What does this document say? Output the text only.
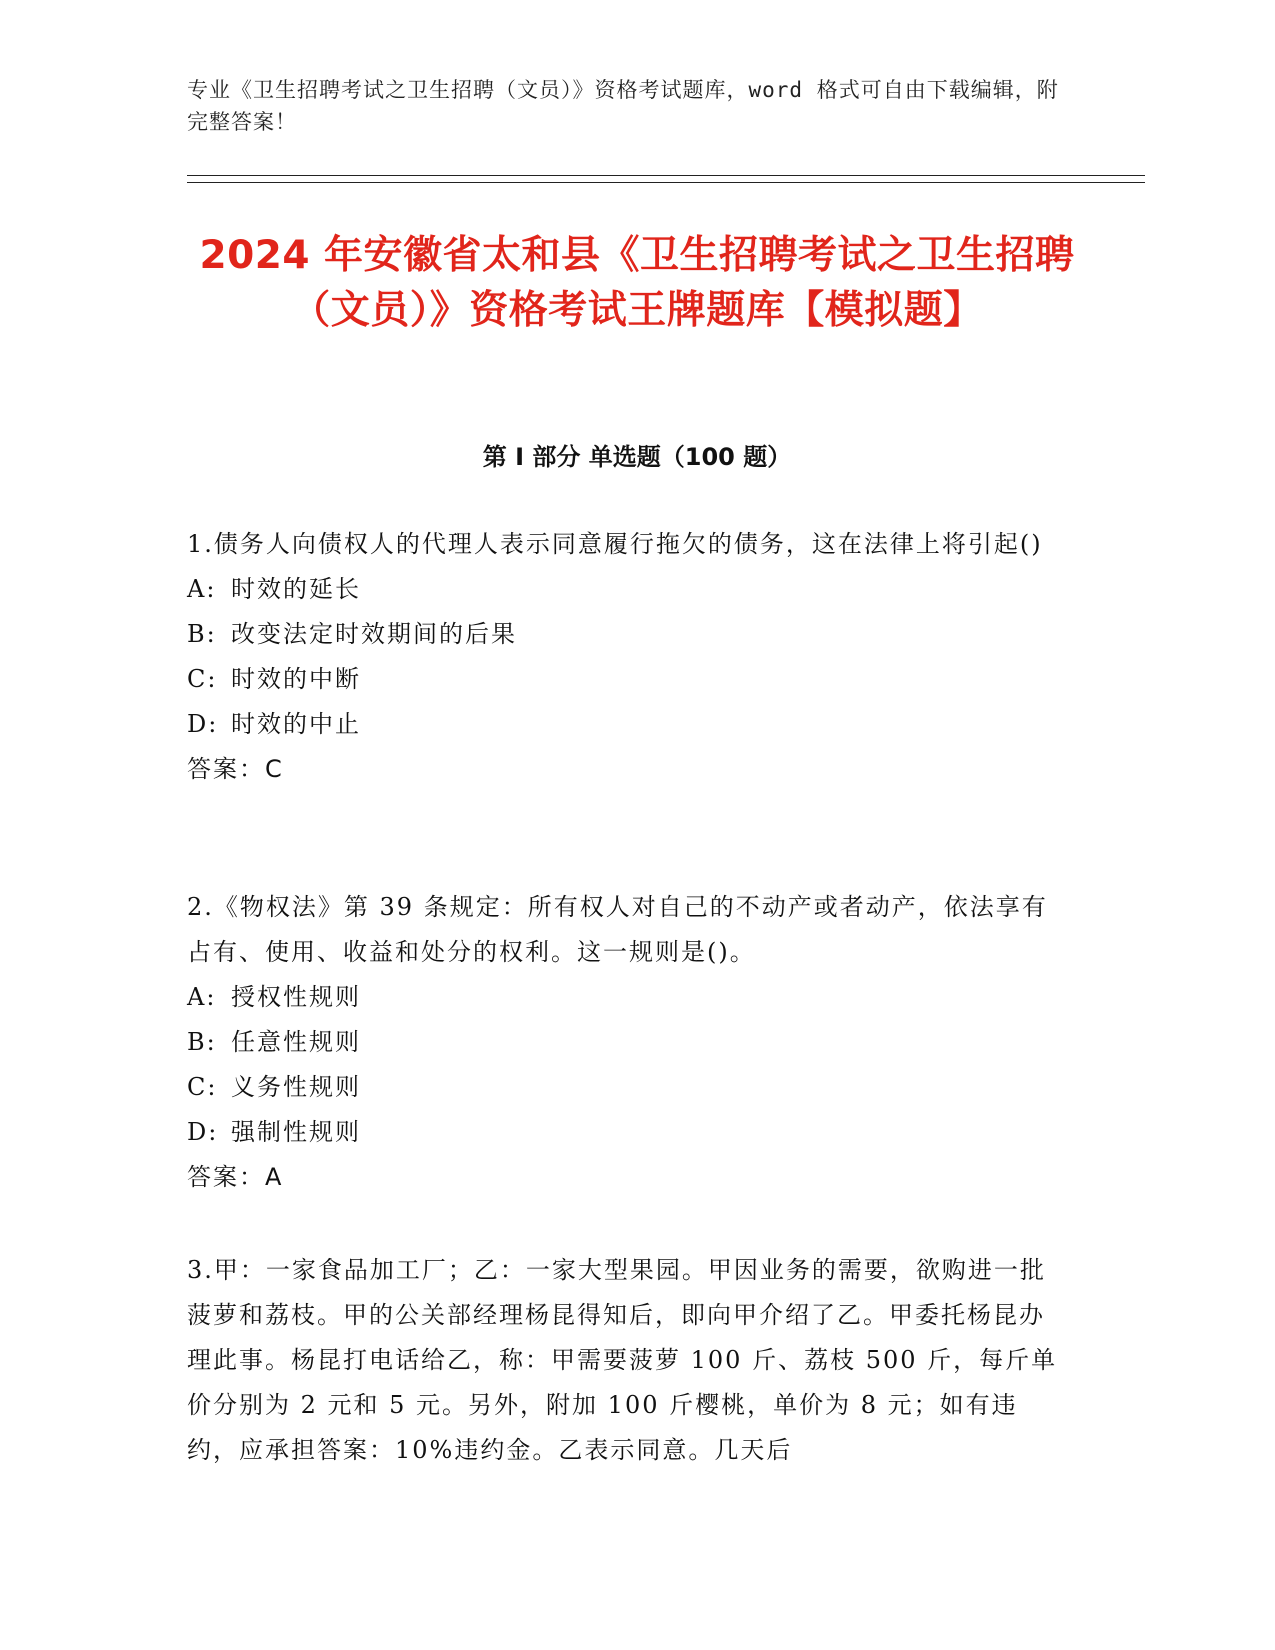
专业《卫生招聘考试之卫生招聘（文员）》资格考试题库，word 格式可自由下载编辑，附完整答案！
2024 年安徽省太和县《卫生招聘考试之卫生招聘（文员）》资格考试王牌题库【模拟题】
第 I 部分 单选题（100 题）

1.债务人向债权人的代理人表示同意履行拖欠的债务，这在法律上将引起()

A: 时效的延长

B: 改变法定时效期间的后果

C: 时效的中断

D: 时效的中止

答案：C

2.《物权法》第 39 条规定：所有权人对自己的不动产或者动产，依法享有占有、使用、收益和处分的权利。这一规则是()。

A: 授权性规则

B: 任意性规则

C: 义务性规则

D: 强制性规则

答案：A

3.甲：一家食品加工厂；乙：一家大型果园。甲因业务的需要，欲购进一批菠萝和荔枝。甲的公关部经理杨昆得知后，即向甲介绍了乙。甲委托杨昆办理此事。杨昆打电话给乙，称：甲需要菠萝 100 斤、荔枝 500 斤，每斤单价分别为 2 元和 5 元。另外，附加 100 斤樱桃，单价为 8 元；如有违约，应承担答案：10%违约金。乙表示同意。几天后
